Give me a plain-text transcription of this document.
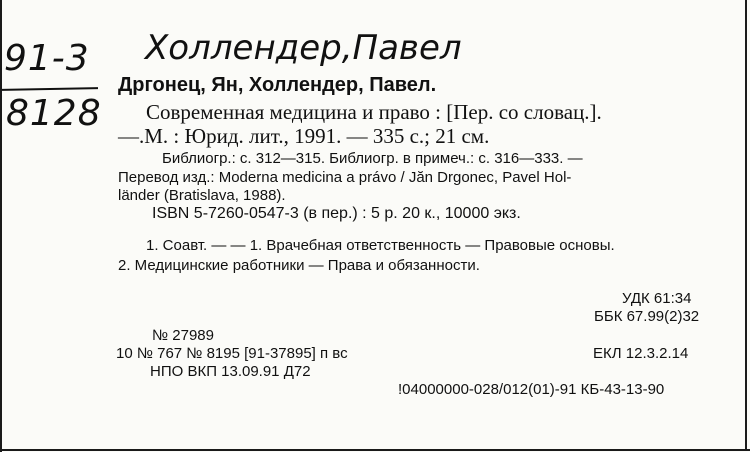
91-3
8128
Холлендер,Павел
Дргонец, Ян, Холлендер, Павел.
Современная медицина и право : [Пер. со словац.].
—.М. : Юрид. лит., 1991. — 335 с.; 21 см.
Библиогр.: с. 312—315. Библиогр. в примеч.: с. 316—333. —
Перевод изд.: Moderna medicina a právo / Jăn Drgonec, Pavel Hol-
länder (Bratislava, 1988).
ISBN 5-7260-0547-3 (в пер.) : 5 р. 20 к., 10000 экз.
1. Соавт. — — 1. Врачебная ответственность — Правовые основы.
2. Медицинские работники — Права и обязанности.
УДК 61:34
ББК 67.99(2)32
№ 27989
10 № 767 № 8195 [91-37895] п вс	ЕКЛ 12.3.2.14
НПО ВКП 13.09.91 Д72
!04000000-028/012(01)-91 КБ-43-13-90
